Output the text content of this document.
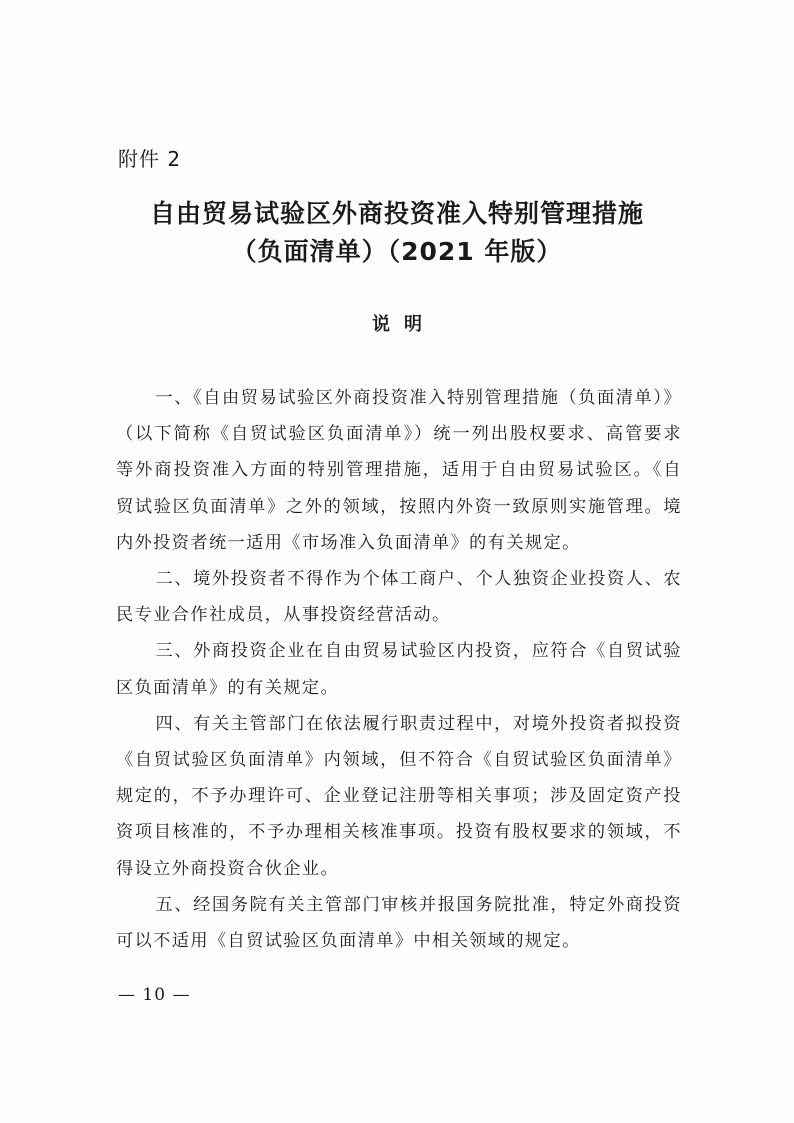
附件 2
自由贸易试验区外商投资准入特别管理措施
（负面清单）（2021 年版）
说明

一、《自由贸易试验区外商投资准入特别管理措施（负面清单）》（以下简称《自贸试验区负面清单》）统一列出股权要求、高管要求等外商投资准入方面的特别管理措施，适用于自由贸易试验区。《自贸试验区负面清单》之外的领域，按照内外资一致原则实施管理。境内外投资者统一适用《市场准入负面清单》的有关规定。

二、境外投资者不得作为个体工商户、个人独资企业投资人、农民专业合作社成员，从事投资经营活动。

三、外商投资企业在自由贸易试验区内投资，应符合《自贸试验区负面清单》的有关规定。

四、有关主管部门在依法履行职责过程中，对境外投资者拟投资《自贸试验区负面清单》内领域，但不符合《自贸试验区负面清单》规定的，不予办理许可、企业登记注册等相关事项；涉及固定资产投资项目核准的，不予办理相关核准事项。投资有股权要求的领域，不得设立外商投资合伙企业。

五、经国务院有关主管部门审核并报国务院批准，特定外商投资可以不适用《自贸试验区负面清单》中相关领域的规定。

— 10 —
